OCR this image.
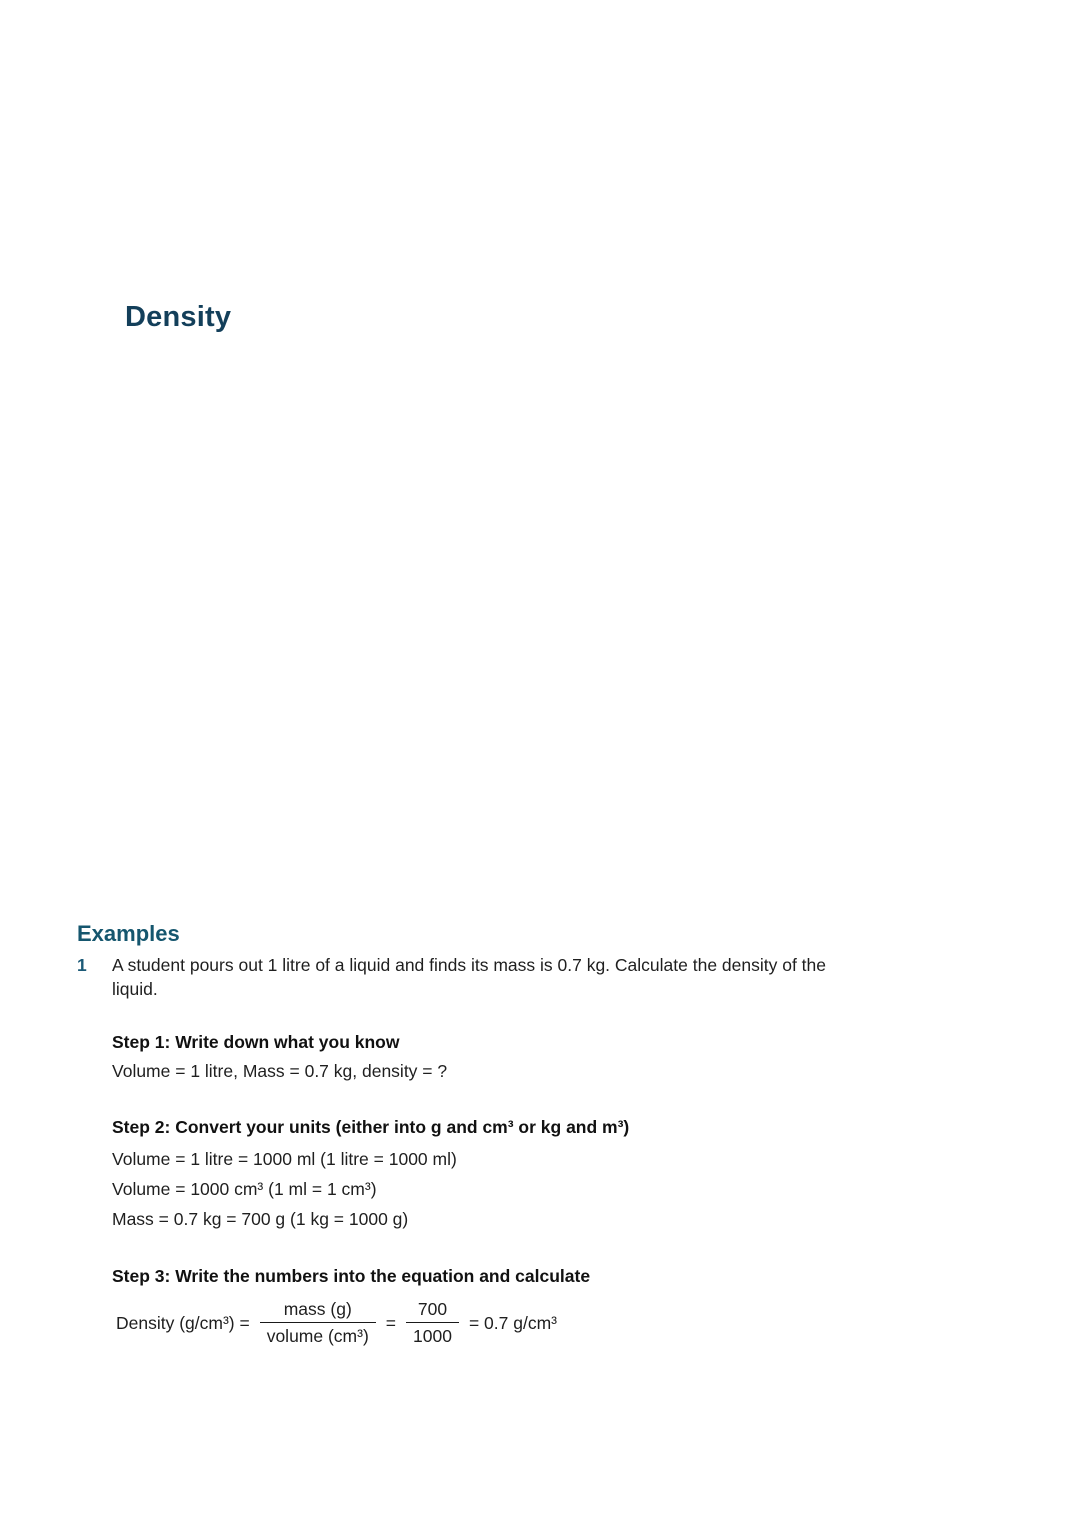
Density
Examples
1	A student pours out 1 litre of a liquid and finds its mass is 0.7 kg. Calculate the density of the liquid.
Step 1: Write down what you know
Volume = 1 litre, Mass = 0.7 kg, density = ?
Step 2: Convert your units (either into g and cm³ or kg and m³)
Volume = 1 litre = 1000 ml (1 litre = 1000 ml)
Volume = 1000 cm³ (1 ml = 1 cm³)
Mass = 0.7 kg = 700 g (1 kg = 1000 g)
Step 3: Write the numbers into the equation and calculate
Density $(g/cm^3) = \frac{\text{mass (g)}}{\text{volume (cm³)}} = \frac{700}{1000} = 0.7$ g/cm³
